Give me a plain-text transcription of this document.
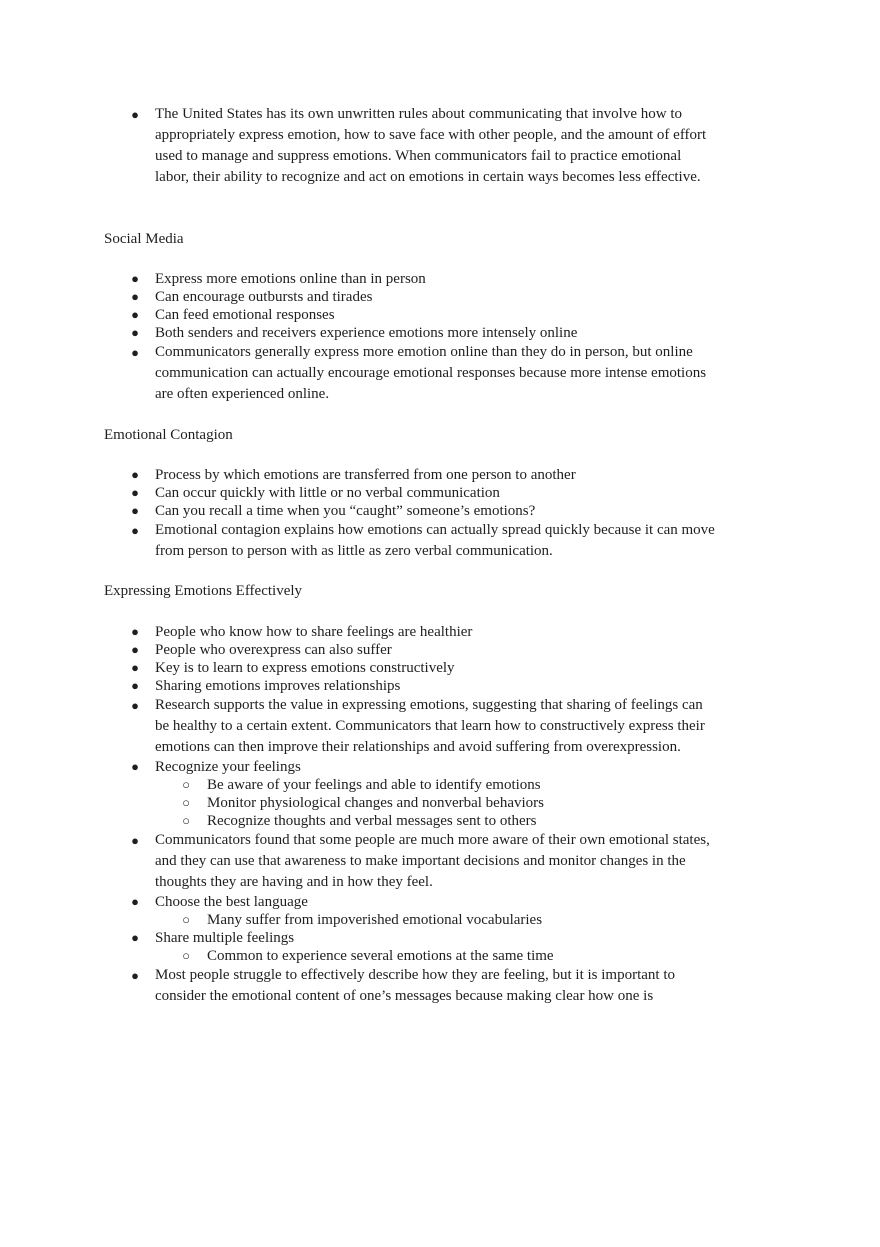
● The United States has its own unwritten rules about communicating that involve how to appropriately express emotion, how to save face with other people, and the amount of effort used to manage and suppress emotions. When communicators fail to practice emotional labor, their ability to recognize and act on emotions in certain ways becomes less effective.
Social Media
● Express more emotions online than in person
● Can encourage outbursts and tirades
● Can feed emotional responses
● Both senders and receivers experience emotions more intensely online
● Communicators generally express more emotion online than they do in person, but online communication can actually encourage emotional responses because more intense emotions are often experienced online.
Emotional Contagion
● Process by which emotions are transferred from one person to another
● Can occur quickly with little or no verbal communication
● Can you recall a time when you “caught” someone’s emotions?
● Emotional contagion explains how emotions can actually spread quickly because it can move from person to person with as little as zero verbal communication.
Expressing Emotions Effectively
● People who know how to share feelings are healthier
● People who overexpress can also suffer
● Key is to learn to express emotions constructively
● Sharing emotions improves relationships
● Research supports the value in expressing emotions, suggesting that sharing of feelings can be healthy to a certain extent. Communicators that learn how to constructively express their emotions can then improve their relationships and avoid suffering from overexpression.
● Recognize your feelings
○ Be aware of your feelings and able to identify emotions
○ Monitor physiological changes and nonverbal behaviors
○ Recognize thoughts and verbal messages sent to others
● Communicators found that some people are much more aware of their own emotional states, and they can use that awareness to make important decisions and monitor changes in the thoughts they are having and in how they feel.
● Choose the best language
○ Many suffer from impoverished emotional vocabularies
● Share multiple feelings
○ Common to experience several emotions at the same time
● Most people struggle to effectively describe how they are feeling, but it is important to consider the emotional content of one’s messages because making clear how one is
